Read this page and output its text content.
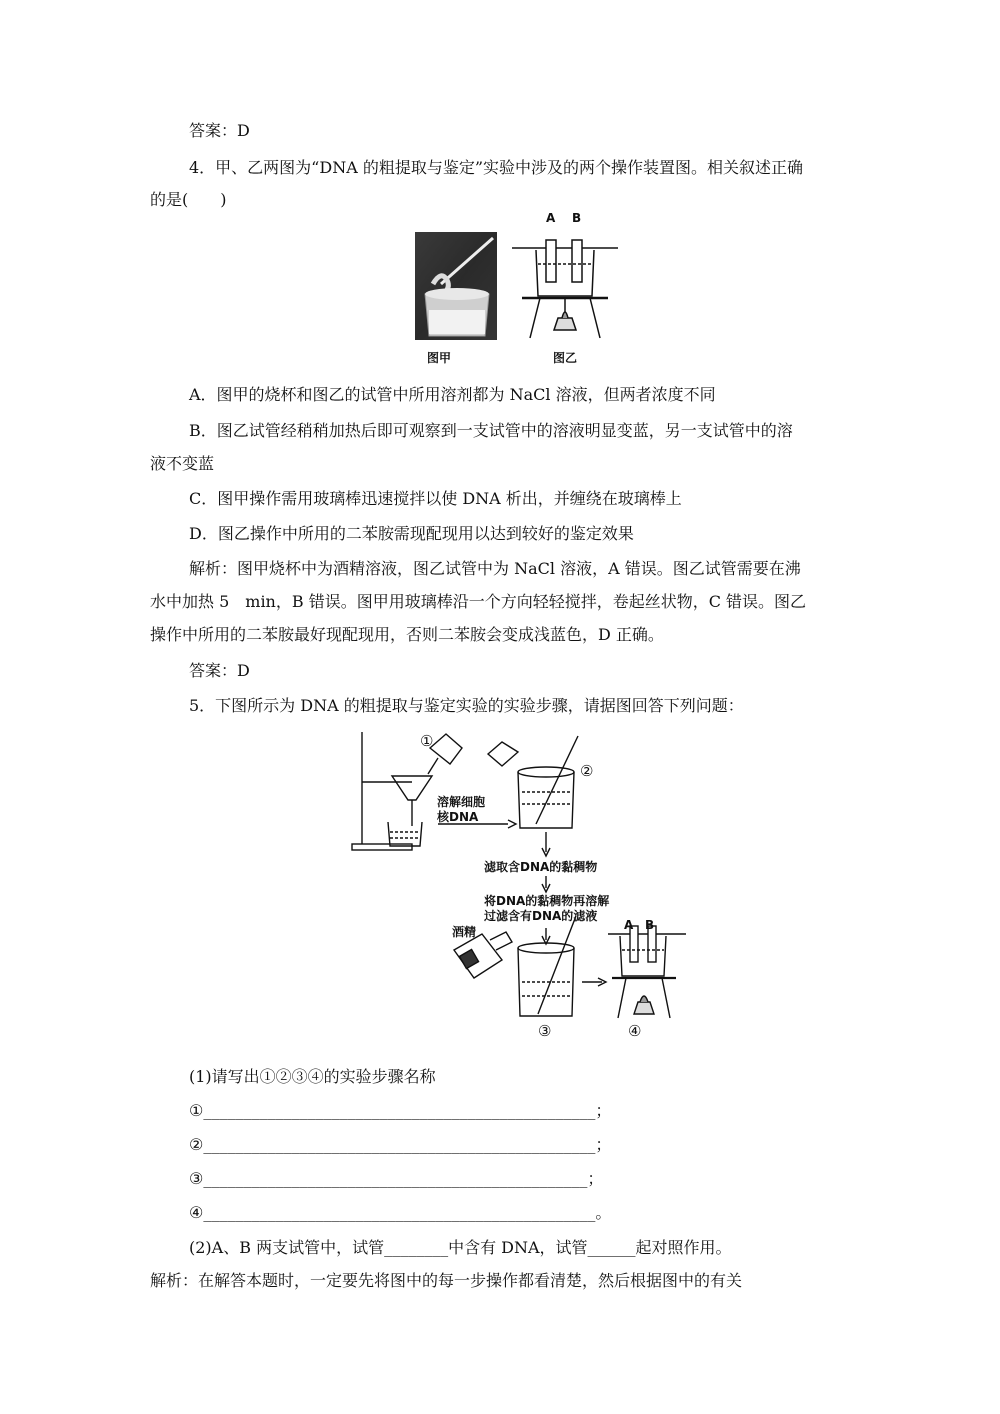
答案：D
4．甲、乙两图为“DNA 的粗提取与鉴定”实验中涉及的两个操作装置图。相关叙述正确
的是(　　)
图甲
A B
图乙
A．图甲的烧杯和图乙的试管中所用溶剂都为 NaCl 溶液，但两者浓度不同
B．图乙试管经稍稍加热后即可观察到一支试管中的溶液明显变蓝，另一支试管中的溶
液不变蓝
C．图甲操作需用玻璃棒迅速搅拌以使 DNA 析出，并缠绕在玻璃棒上
D．图乙操作中所用的二苯胺需现配现用以达到较好的鉴定效果
解析：图甲烧杯中为酒精溶液，图乙试管中为 NaCl 溶液，A 错误。图乙试管需要在沸
水中加热 5　min，B 错误。图甲用玻璃棒沿一个方向轻轻搅拌，卷起丝状物，C 错误。图乙
操作中所用的二苯胺最好现配现用，否则二苯胺会变成浅蓝色，D 正确。
答案：D
5．下图所示为 DNA 的粗提取与鉴定实验的实验步骤，请据图回答下列问题：
①
②
③	④
溶解细胞
核DNA
滤取含DNA的黏稠物
将DNA的黏稠物再溶解
过滤含有DNA的滤液
酒精	A B
(1)请写出①②③④的实验步骤名称
①_________________________________________________；
②_________________________________________________；
③________________________________________________；
④_________________________________________________。
(2)A、B 两支试管中，试管________中含有 DNA，试管______起对照作用。
解析：在解答本题时，一定要先将图中的每一步操作都看清楚，然后根据图中的有关
